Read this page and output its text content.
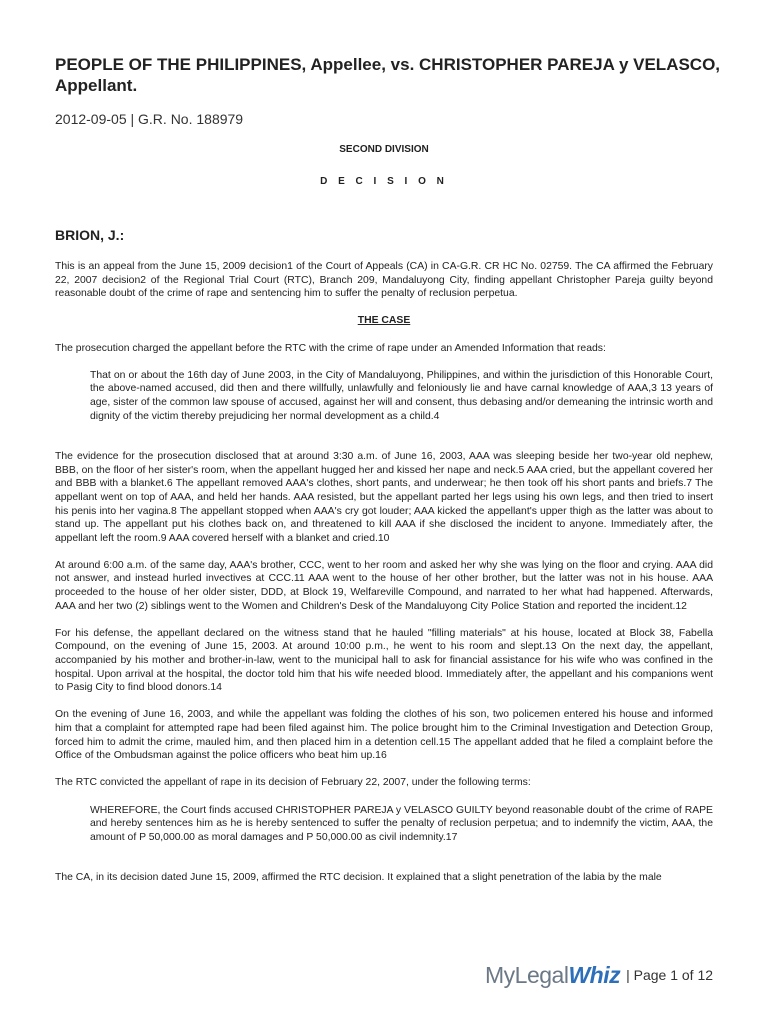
PEOPLE OF THE PHILIPPINES, Appellee, vs. CHRISTOPHER PAREJA y VELASCO, Appellant.
2012-09-05 | G.R. No. 188979
SECOND DIVISION
D E C I S I O N
BRION, J.:

This is an appeal from the June 15, 2009 decision1 of the Court of Appeals (CA) in CA-G.R. CR HC No. 02759. The CA affirmed the February 22, 2007 decision2 of the Regional Trial Court (RTC), Branch 209, Mandaluyong City, finding appellant Christopher Pareja guilty beyond reasonable doubt of the crime of rape and sentencing him to suffer the penalty of reclusion perpetua.

THE CASE

The prosecution charged the appellant before the RTC with the crime of rape under an Amended Information that reads:

That on or about the 16th day of June 2003, in the City of Mandaluyong, Philippines, and within the jurisdiction of this Honorable Court, the above-named accused, did then and there willfully, unlawfully and feloniously lie and have carnal knowledge of AAA,3 13 years of age, sister of the common law spouse of accused, against her will and consent, thus debasing and/or demeaning the intrinsic worth and dignity of the victim thereby prejudicing her normal development as a child.4

The evidence for the prosecution disclosed that at around 3:30 a.m. of June 16, 2003, AAA was sleeping beside her two-year old nephew, BBB, on the floor of her sister's room, when the appellant hugged her and kissed her nape and neck.5 AAA cried, but the appellant covered her and BBB with a blanket.6 The appellant removed AAA's clothes, short pants, and underwear; he then took off his short pants and briefs.7 The appellant went on top of AAA, and held her hands. AAA resisted, but the appellant parted her legs using his own legs, and then tried to insert his penis into her vagina.8 The appellant stopped when AAA's cry got louder; AAA kicked the appellant's upper thigh as the latter was about to stand up. The appellant put his clothes back on, and threatened to kill AAA if she disclosed the incident to anyone. Immediately after, the appellant left the room.9 AAA covered herself with a blanket and cried.10

At around 6:00 a.m. of the same day, AAA's brother, CCC, went to her room and asked her why she was lying on the floor and crying. AAA did not answer, and instead hurled invectives at CCC.11 AAA went to the house of her other brother, but the latter was not in his house. AAA proceeded to the house of her older sister, DDD, at Block 19, Welfareville Compound, and narrated to her what had happened. Afterwards, AAA and her two (2) siblings went to the Women and Children's Desk of the Mandaluyong City Police Station and reported the incident.12

For his defense, the appellant declared on the witness stand that he hauled "filling materials" at his house, located at Block 38, Fabella Compound, on the evening of June 15, 2003. At around 10:00 p.m., he went to his room and slept.13 On the next day, the appellant, accompanied by his mother and brother-in-law, went to the municipal hall to ask for financial assistance for his wife who was confined in the hospital. Upon arrival at the hospital, the doctor told him that his wife needed blood. Immediately after, the appellant and his companions went to Pasig City to find blood donors.14

On the evening of June 16, 2003, and while the appellant was folding the clothes of his son, two policemen entered his house and informed him that a complaint for attempted rape had been filed against him. The police brought him to the Criminal Investigation and Detection Group, forced him to admit the crime, mauled him, and then placed him in a detention cell.15 The appellant added that he filed a complaint before the Office of the Ombudsman against the police officers who beat him up.16

The RTC convicted the appellant of rape in its decision of February 22, 2007, under the following terms:

WHEREFORE, the Court finds accused CHRISTOPHER PAREJA y VELASCO GUILTY beyond reasonable doubt of the crime of RAPE and hereby sentences him as he is hereby sentenced to suffer the penalty of reclusion perpetua; and to indemnify the victim, AAA, the amount of P 50,000.00 as moral damages and P 50,000.00 as civil indemnity.17

The CA, in its decision dated June 15, 2009, affirmed the RTC decision. It explained that a slight penetration of the labia by the male

MyLegal Whiz | Page 1 of 12
